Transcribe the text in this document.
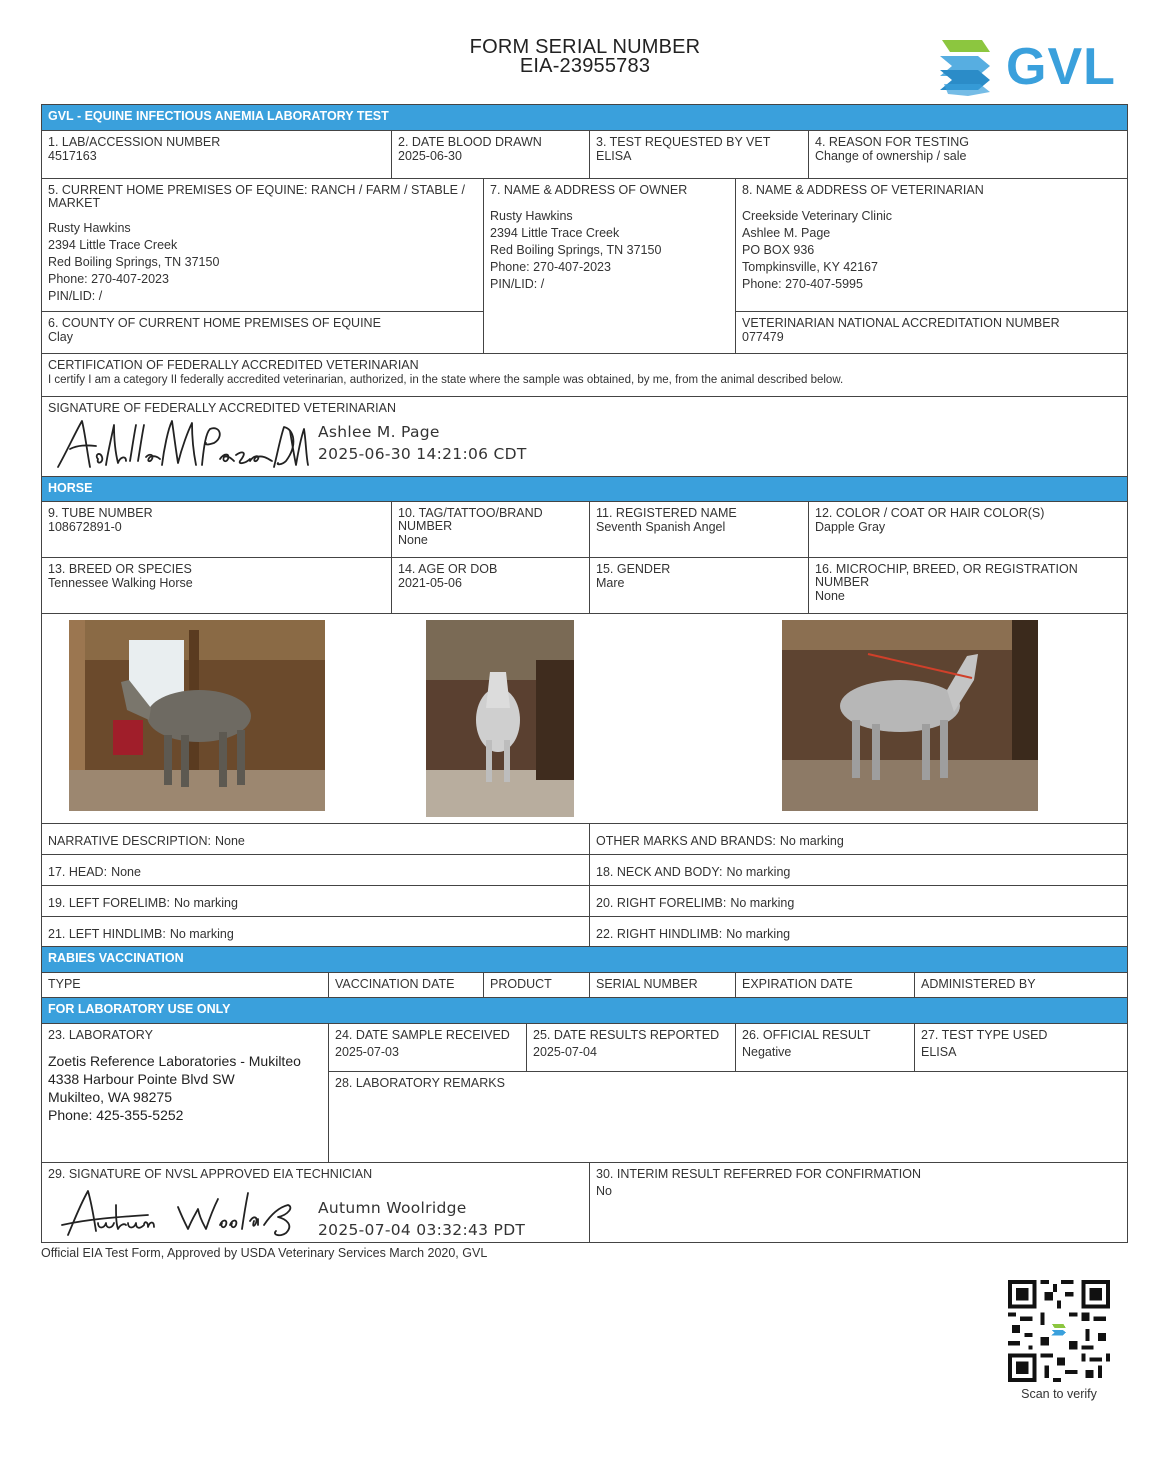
FORM SERIAL NUMBER
EIA-23955783	GVL
GVL - EQUINE INFECTIOUS ANEMIA LABORATORY TEST
1. LAB/ACCESSION NUMBER
4517163
2. DATE BLOOD DRAWN
2025-06-30
3. TEST REQUESTED BY VET
ELISA
4. REASON FOR TESTING
Change of ownership / sale
5. CURRENT HOME PREMISES OF EQUINE: RANCH / FARM / STABLE / MARKET
Rusty Hawkins
2394 Little Trace Creek
Red Boiling Springs, TN 37150
Phone: 270-407-2023
PIN/LID: /
6. COUNTY OF CURRENT HOME PREMISES OF EQUINE
Clay
7. NAME & ADDRESS OF OWNER
Rusty Hawkins
2394 Little Trace Creek
Red Boiling Springs, TN 37150
Phone: 270-407-2023
PIN/LID: /
8. NAME & ADDRESS OF VETERINARIAN
Creekside Veterinary Clinic
Ashlee M. Page
PO BOX 936
Tompkinsville, KY 42167
Phone: 270-407-5995
VETERINARIAN NATIONAL ACCREDITATION NUMBER
077479
CERTIFICATION OF FEDERALLY ACCREDITED VETERINARIAN
I certify I am a category II federally accredited veterinarian, authorized, in the state where the sample was obtained, by me, from the animal described below.
SIGNATURE OF FEDERALLY ACCREDITED VETERINARIAN
Ashlee M. Page
2025-06-30 14:21:06 CDT
HORSE
9. TUBE NUMBER
108672891-0
10. TAG/TATTOO/BRAND NUMBER
None
11. REGISTERED NAME
Seventh Spanish Angel
12. COLOR / COAT OR HAIR COLOR(S)
Dapple Gray
13. BREED OR SPECIES
Tennessee Walking Horse
14. AGE OR DOB
2021-05-06
15. GENDER
Mare
16. MICROCHIP, BREED, OR REGISTRATION NUMBER
None
NARRATIVE DESCRIPTION: None	OTHER MARKS AND BRANDS: No marking
17. HEAD: None	18. NECK AND BODY: No marking
19. LEFT FORELIMB: No marking	20. RIGHT FORELIMB: No marking
21. LEFT HINDLIMB: No marking	22. RIGHT HINDLIMB: No marking
RABIES VACCINATION
TYPE	VACCINATION DATE	PRODUCT	SERIAL NUMBER	EXPIRATION DATE	ADMINISTERED BY
FOR LABORATORY USE ONLY
23. LABORATORY
Zoetis Reference Laboratories - Mukilteo
4338 Harbour Pointe Blvd SW
Mukilteo, WA 98275
Phone: 425-355-5252
24. DATE SAMPLE RECEIVED
2025-07-03
25. DATE RESULTS REPORTED
2025-07-04
26. OFFICIAL RESULT
Negative
27. TEST TYPE USED
ELISA
28. LABORATORY REMARKS
29. SIGNATURE OF NVSL APPROVED EIA TECHNICIAN
Autumn Woolridge
2025-07-04 03:32:43 PDT
30. INTERIM RESULT REFERRED FOR CONFIRMATION
No
Official EIA Test Form, Approved by USDA Veterinary Services March 2020, GVL
Scan to verify
